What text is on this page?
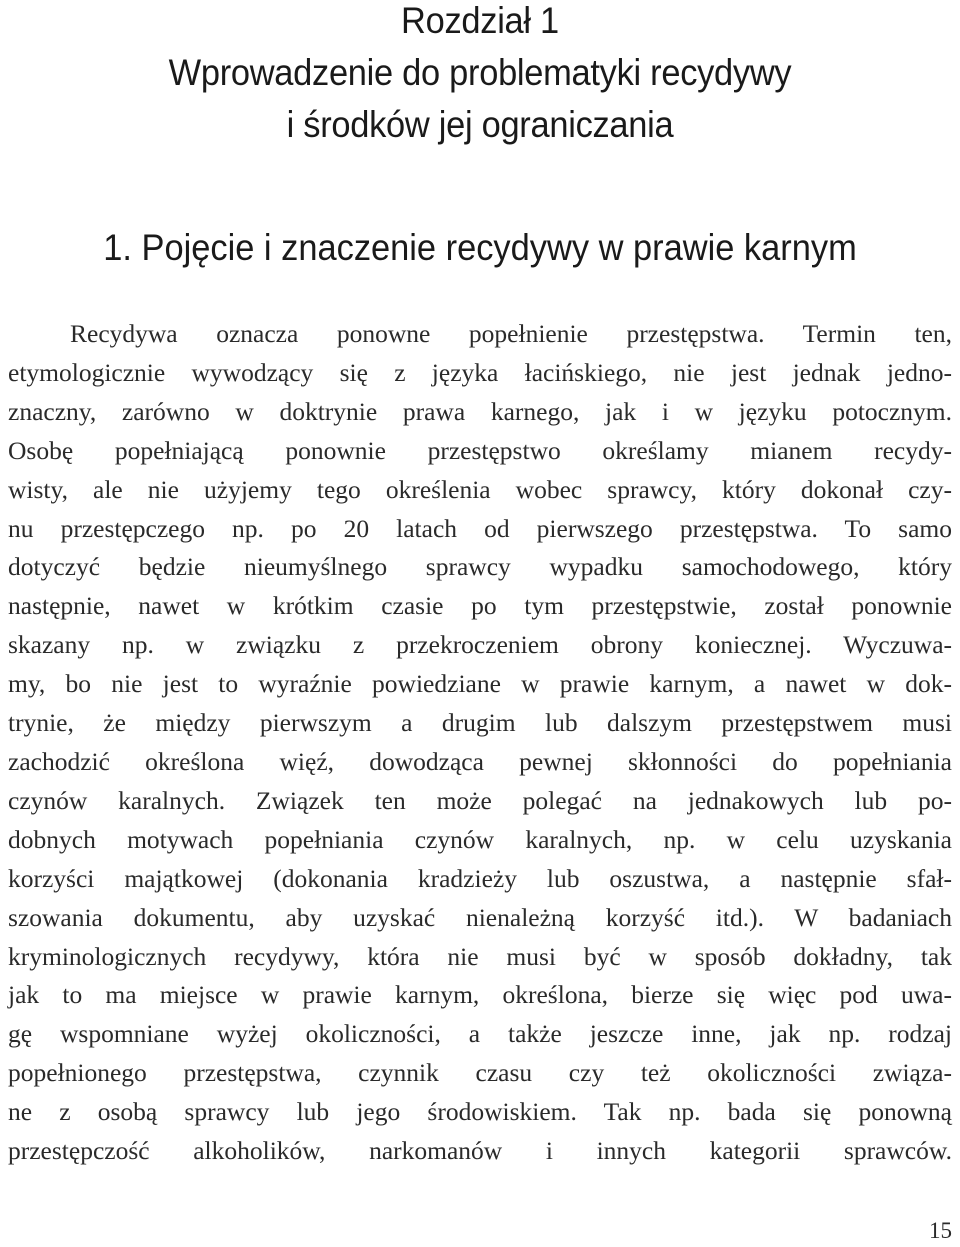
Rozdział 1
Wprowadzenie do problematyki recydywy
i środków jej ograniczania
1. Pojęcie i znaczenie recydywy w prawie karnym

Recydywa oznacza ponowne popełnienie przestępstwa. Termin ten,
etymologicznie wywodzący się z języka łacińskiego, nie jest jednak jedno-
znaczny, zarówno w doktrynie prawa karnego, jak i w języku potocznym.
Osobę popełniającą ponownie przestępstwo określamy mianem recydy-
wisty, ale nie użyjemy tego określenia wobec sprawcy, który dokonał czy-
nu przestępczego np. po 20 latach od pierwszego przestępstwa. To samo
dotyczyć będzie nieumyślnego sprawcy wypadku samochodowego, który
następnie, nawet w krótkim czasie po tym przestępstwie, został ponownie
skazany np. w związku z przekroczeniem obrony koniecznej. Wyczuwa-
my, bo nie jest to wyraźnie powiedziane w prawie karnym, a nawet w dok-
trynie, że między pierwszym a drugim lub dalszym przestępstwem musi
zachodzić określona więź, dowodząca pewnej skłonności do popełniania
czynów karalnych. Związek ten może polegać na jednakowych lub po-
dobnych motywach popełniania czynów karalnych, np. w celu uzyskania
korzyści majątkowej (dokonania kradzieży lub oszustwa, a następnie sfał-
szowania dokumentu, aby uzyskać nienależną korzyść itd.). W badaniach
kryminologicznych recydywy, która nie musi być w sposób dokładny, tak
jak to ma miejsce w prawie karnym, określona, bierze się więc pod uwa-
gę wspomniane wyżej okoliczności, a także jeszcze inne, jak np. rodzaj
popełnionego przestępstwa, czynnik czasu czy też okoliczności związa-
ne z osobą sprawcy lub jego środowiskiem. Tak np. bada się ponowną
przestępczość alkoholików, narkomanów i innych kategorii sprawców.

15
